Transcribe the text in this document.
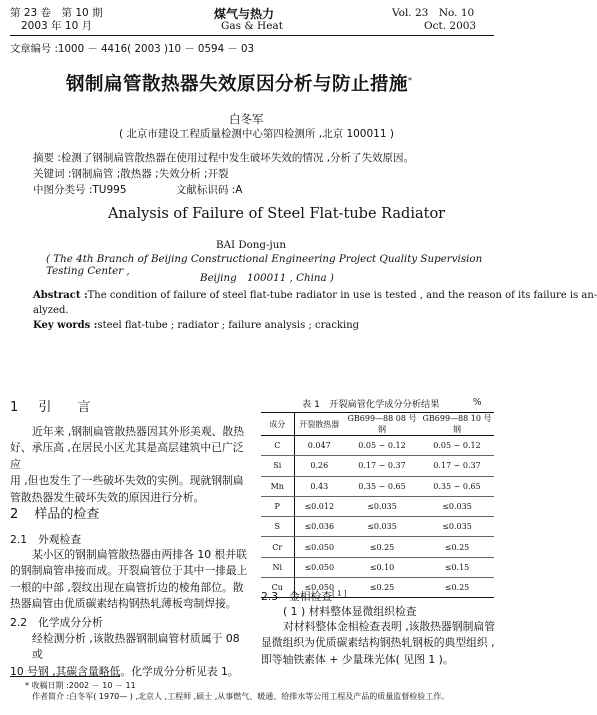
第 23 卷　第 10 期
2003 年 10 月
煤气与热力
Gas & Heat
Vol. 23　No. 10
Oct. 2003
文章编号 :1000 － 4416( 2003 )10 － 0594 － 03
钢制扁管散热器失效原因分析与防止措施*
白冬军
( 北京市建设工程质量检测中心第四检测所 ,北京 100011 )
摘要 :检测了钢制扁管散热器在使用过程中发生破坏失效的情况 ,分析了失效原因。
关键词 :钢制扁管 ;散热器 ;失效分析 ;开裂
中图分类号 :TU995	文献标识码 :A
Analysis of Failure of Steel Flat-tube Radiator
BAI Dong-jun
( The 4th Branch of Beijing Constructional Engineering Project Quality Supervision Testing Center ,
Beijing　100011 , China )
Abstract :The condition of failure of steel flat-tube radiator in use is tested , and the reason of its failure is an-
alyzed.
Key words :steel flat-tube ; radiator ; failure analysis ; cracking
1 引　　言
近年来 ,钢制扁管散热器因其外形美观、散热
好、承压高 ,在居民小区尤其是高层建筑中已广泛应
用 ,但也发生了一些破坏失效的实例。现就钢制扁
管散热器发生破坏失效的原因进行分析。
2 样品的检查
2.1　外观检查
某小区的钢制扁管散热器由两排各 10 根并联
的钢制扁管串接而成。开裂扁管位于其中一排最上
一根的中部 ,裂纹出现在扁管折边的棱角部位。散
热器扁管由优质碳素结构钢热轧薄板弯制焊接。
2.2　化学成分分析
经检测分析 ,该散热器钢制扁管材质属于 08 或
10 号钢 ,其碳含量略低。化学成分分析见表 1。
表 1　开裂扁管化学成分分析结果	%
成分	开裂散热器	GB699—88 08 号钢	GB699—88 10 号钢
C	0.047	0.05 ~ 0.12	0.05 ~ 0.12
Si	0.26	0.17 ~ 0.37	0.17 ~ 0.37
Mn	0.43	0.35 ~ 0.65	0.35 ~ 0.65
P	≤0.012	≤0.035	≤0.035
S	≤0.036	≤0.035	≤0.035
Cr	≤0.050	≤0.25	≤0.25
Ni	≤0.050	≤0.10	≤0.15
Cu	≤0.050	≤0.25	≤0.25
2.3　金相检查[ 1 ]
( 1 ) 材料整体显微组织检查
对材料整体金相检查表明 ,该散热器钢制扁管
显微组织为优质碳素结构钢热轧钢板的典型组织 ,
即等轴铁素体 + 少量珠光体( 见图 1 )。
* 收稿日期 :2002 － 10 － 11
作者简介 :白冬军( 1970— ) ,北京人 ,工程师 ,硕士 ,从事燃气、暖通、给排水等公用工程及产品的质量监督检验工作。
